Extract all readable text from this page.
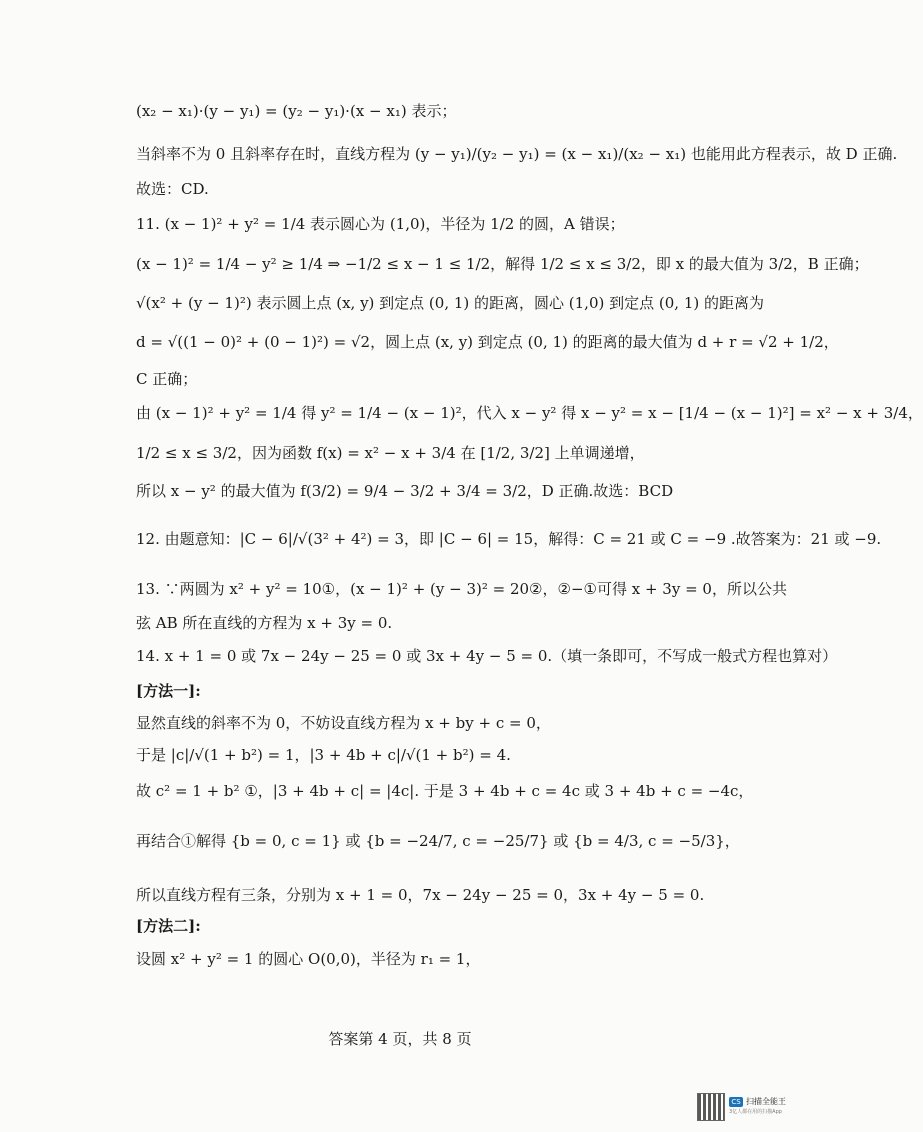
(x₂ − x₁)·(y − y₁) = (y₂ − y₁)·(x − x₁) 表示；
当斜率不为 0 且斜率存在时，直线方程为 (y − y₁)/(y₂ − y₁) = (x − x₁)/(x₂ − x₁) 也能用此方程表示，故 D 正确.
故选：CD.
11. (x − 1)² + y² = 1/4 表示圆心为 (1,0)，半径为 1/2 的圆，A 错误；
(x − 1)² = 1/4 − y² ≥ 1/4 ⇒ −1/2 ≤ x − 1 ≤ 1/2，解得 1/2 ≤ x ≤ 3/2，即 x 的最大值为 3/2，B 正确；
√(x² + (y − 1)²) 表示圆上点 (x, y) 到定点 (0, 1) 的距离，圆心 (1,0) 到定点 (0, 1) 的距离为
d = √((1 − 0)² + (0 − 1)²) = √2，圆上点 (x, y) 到定点 (0, 1) 的距离的最大值为 d + r = √2 + 1/2，
C 正确；
由 (x − 1)² + y² = 1/4 得 y² = 1/4 − (x − 1)²，代入 x − y² 得 x − y² = x − [1/4 − (x − 1)²] = x² − x + 3/4，
1/2 ≤ x ≤ 3/2，因为函数 f(x) = x² − x + 3/4 在 [1/2, 3/2] 上单调递增，
所以 x − y² 的最大值为 f(3/2) = 9/4 − 3/2 + 3/4 = 3/2，D 正确.故选：BCD
12. 由题意知：|C − 6|/√(3² + 4²) = 3，即 |C − 6| = 15，解得：C = 21 或 C = −9 .故答案为：21 或 −9.
13. ∵两圆为 x² + y² = 10①，(x − 1)² + (y − 3)² = 20②，②−①可得 x + 3y = 0，所以公共
弦 AB 所在直线的方程为 x + 3y = 0.
14. x + 1 = 0 或 7x − 24y − 25 = 0 或 3x + 4y − 5 = 0.（填一条即可，不写成一般式方程也算对）
[方法一]:
显然直线的斜率不为 0，不妨设直线方程为 x + by + c = 0，
于是 |c|/√(1 + b²) = 1，|3 + 4b + c|/√(1 + b²) = 4.
故 c² = 1 + b² ①，|3 + 4b + c| = |4c|. 于是 3 + 4b + c = 4c 或 3 + 4b + c = −4c，
再结合①解得 {b = 0, c = 1} 或 {b = −24/7, c = −25/7} 或 {b = 4/3, c = −5/3}，
所以直线方程有三条，分别为 x + 1 = 0，7x − 24y − 25 = 0，3x + 4y − 5 = 0.
[方法二]:
设圆 x² + y² = 1 的圆心 O(0,0)，半径为 r₁ = 1，
答案第 4 页，共 8 页
CS 扫描全能王
3亿人都在用的扫描App
